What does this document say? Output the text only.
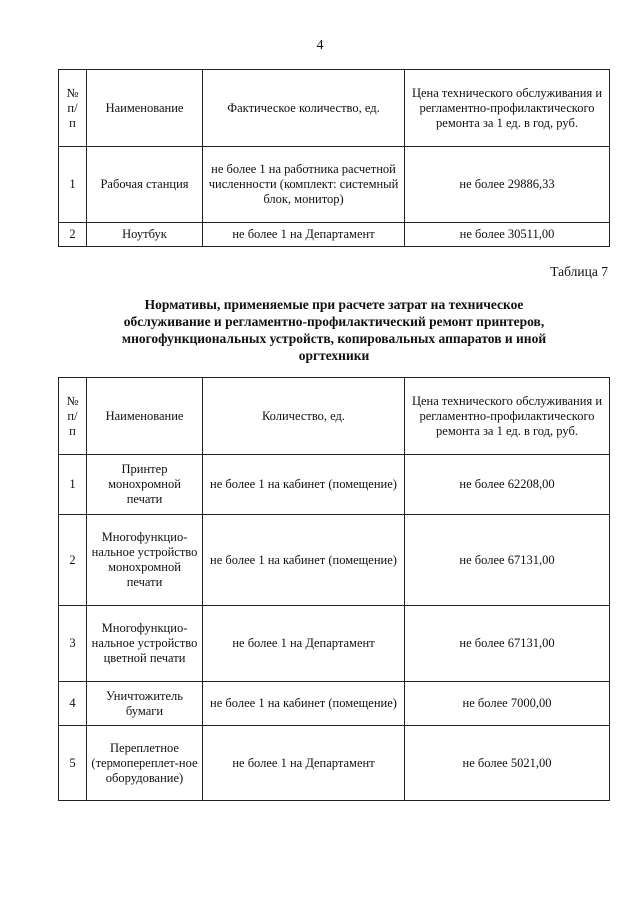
4
№ п/ п	Наименование	Фактическое количество, ед.	Цена технического обслуживания и регламентно-профилактического ремонта за 1 ед. в год, руб.
1	Рабочая станция	не более 1 на работника расчетной численности (комплект: системный блок, монитор)	не более 29886,33
2	Ноутбук	не более 1 на Департамент	не более 30511,00
Таблица 7
Нормативы, применяемые при расчете затрат на техническое обслуживание и регламентно-профилактический ремонт принтеров, многофункциональных устройств, копировальных аппаратов и иной оргтехники
№ п/ п	Наименование	Количество, ед.	Цена технического обслуживания и регламентно-профилактического ремонта за 1 ед. в год, руб.
1	Принтер монохромной печати	не более 1 на кабинет (помещение)	не более 62208,00
2	Многофункцио-нальное устройство монохромной печати	не более 1 на кабинет (помещение)	не более 67131,00
3	Многофункцио-нальное устройство цветной печати	не более 1 на Департамент	не более 67131,00
4	Уничтожитель бумаги	не более 1 на кабинет (помещение)	не более 7000,00
5	Переплетное (термопереплет-ное оборудование)	не более 1 на Департамент	не более 5021,00
